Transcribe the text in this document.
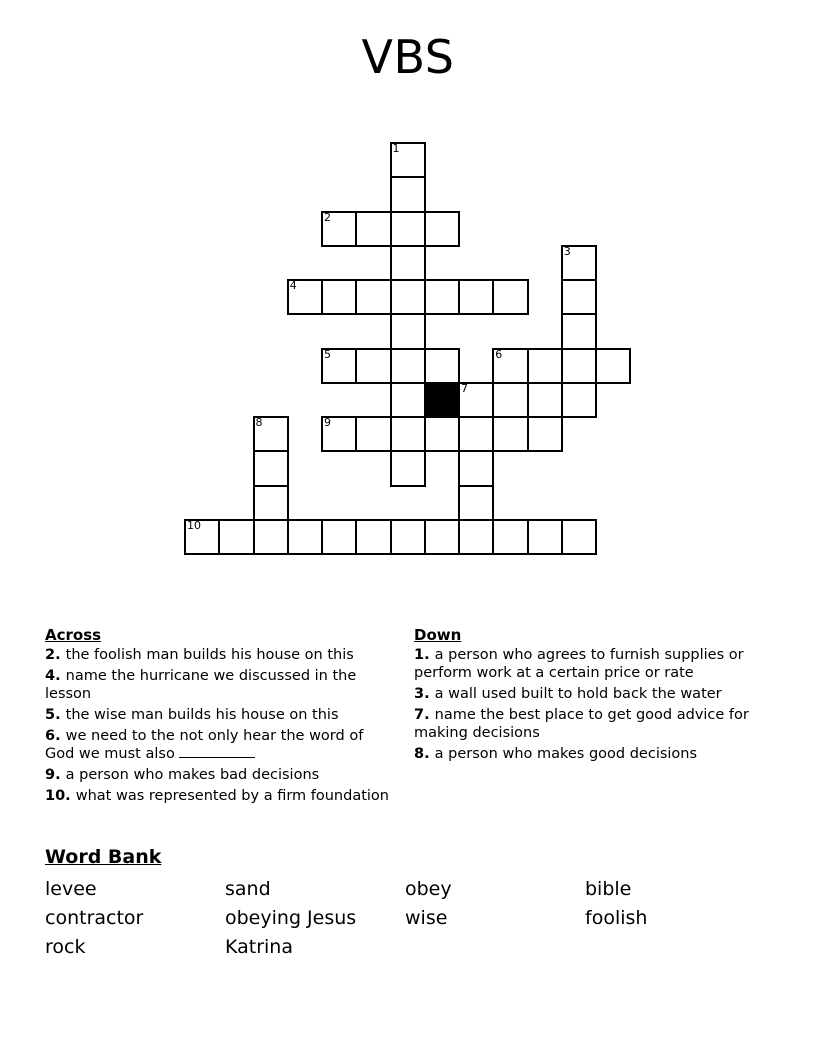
VBS
1
2
3
4
5	6
7
8	9
10
Across
2. the foolish man builds his house on this
4. name the hurricane we discussed in the lesson
5. the wise man builds his house on this
6. we need to the not only hear the word of God we must also
9. a person who makes bad decisions
10. what was represented by a firm foundation
Down
1. a person who agrees to furnish supplies or perform work at a certain price or rate
3. a wall used built to hold back the water
7. name the best place to get good advice for making decisions
8. a person who makes good decisions
Word Bank
levee	sand	obey	bible
contractor	obeying Jesus	wise	foolish
rock	Katrina
